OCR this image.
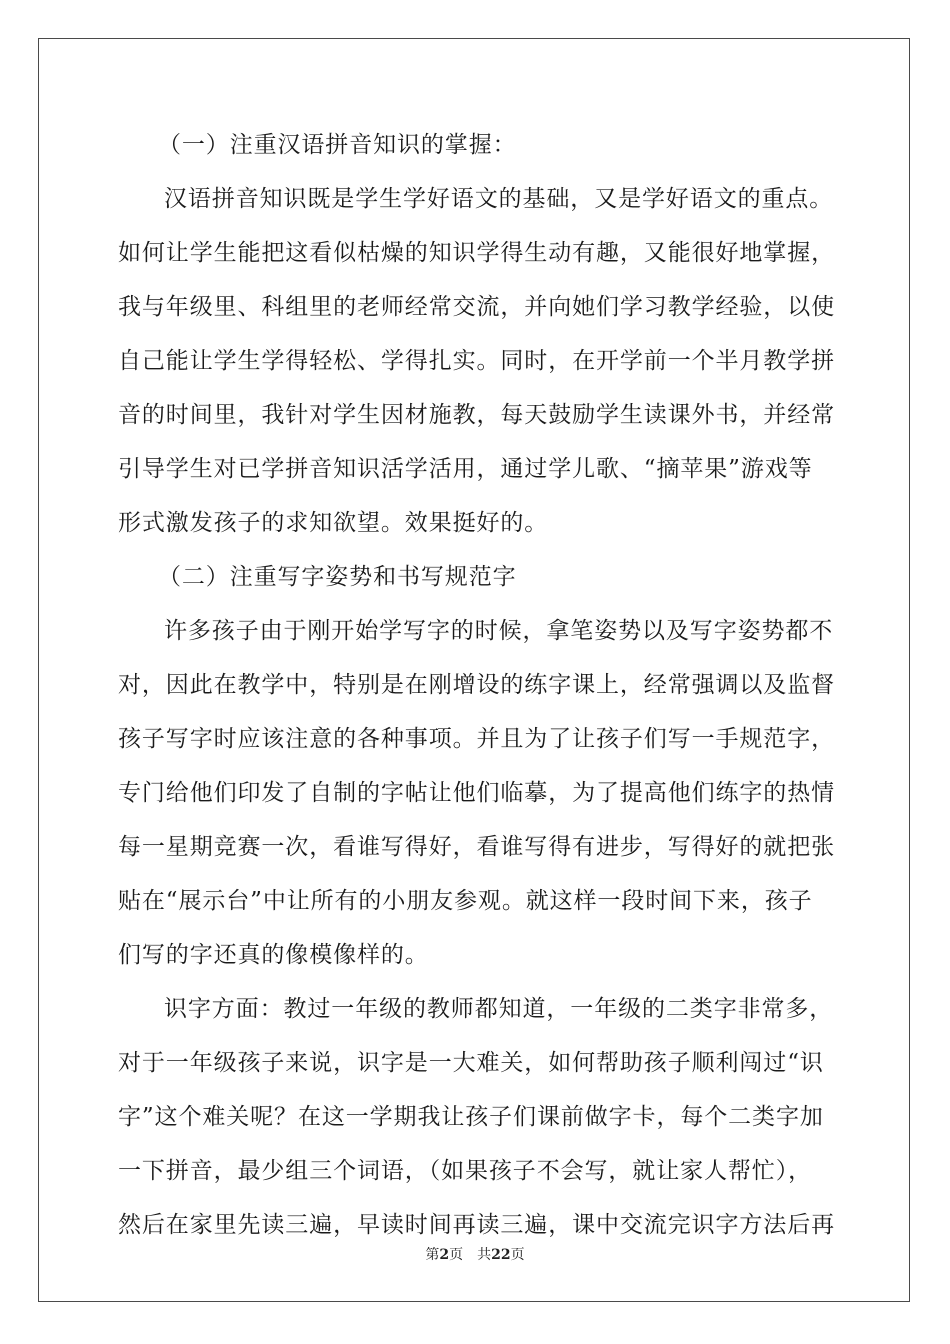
（一）注重汉语拼音知识的掌握：
汉语拼音知识既是学生学好语文的基础，又是学好语文的重点。
如何让学生能把这看似枯燥的知识学得生动有趣，又能很好地掌握，
我与年级里、科组里的老师经常交流，并向她们学习教学经验，以使
自己能让学生学得轻松、学得扎实。同时，在开学前一个半月教学拼
音的时间里，我针对学生因材施教，每天鼓励学生读课外书，并经常
引导学生对已学拼音知识活学活用，通过学儿歌、“摘苹果”游戏等
形式激发孩子的求知欲望。效果挺好的。
（二）注重写字姿势和书写规范字
许多孩子由于刚开始学写字的时候，拿笔姿势以及写字姿势都不
对，因此在教学中，特别是在刚增设的练字课上，经常强调以及监督
孩子写字时应该注意的各种事项。并且为了让孩子们写一手规范字，
专门给他们印发了自制的字帖让他们临摹，为了提高他们练字的热情
每一星期竞赛一次，看谁写得好，看谁写得有进步，写得好的就把张
贴在“展示台”中让所有的小朋友参观。就这样一段时间下来，孩子
们写的字还真的像模像样的。
识字方面：教过一年级的教师都知道，一年级的二类字非常多，
对于一年级孩子来说，识字是一大难关，如何帮助孩子顺利闯过“识
字”这个难关呢？在这一学期我让孩子们课前做字卡，每个二类字加
一下拼音，最少组三个词语，（如果孩子不会写，就让家人帮忙），
然后在家里先读三遍，早读时间再读三遍，课中交流完识字方法后再
第2页 共22页
